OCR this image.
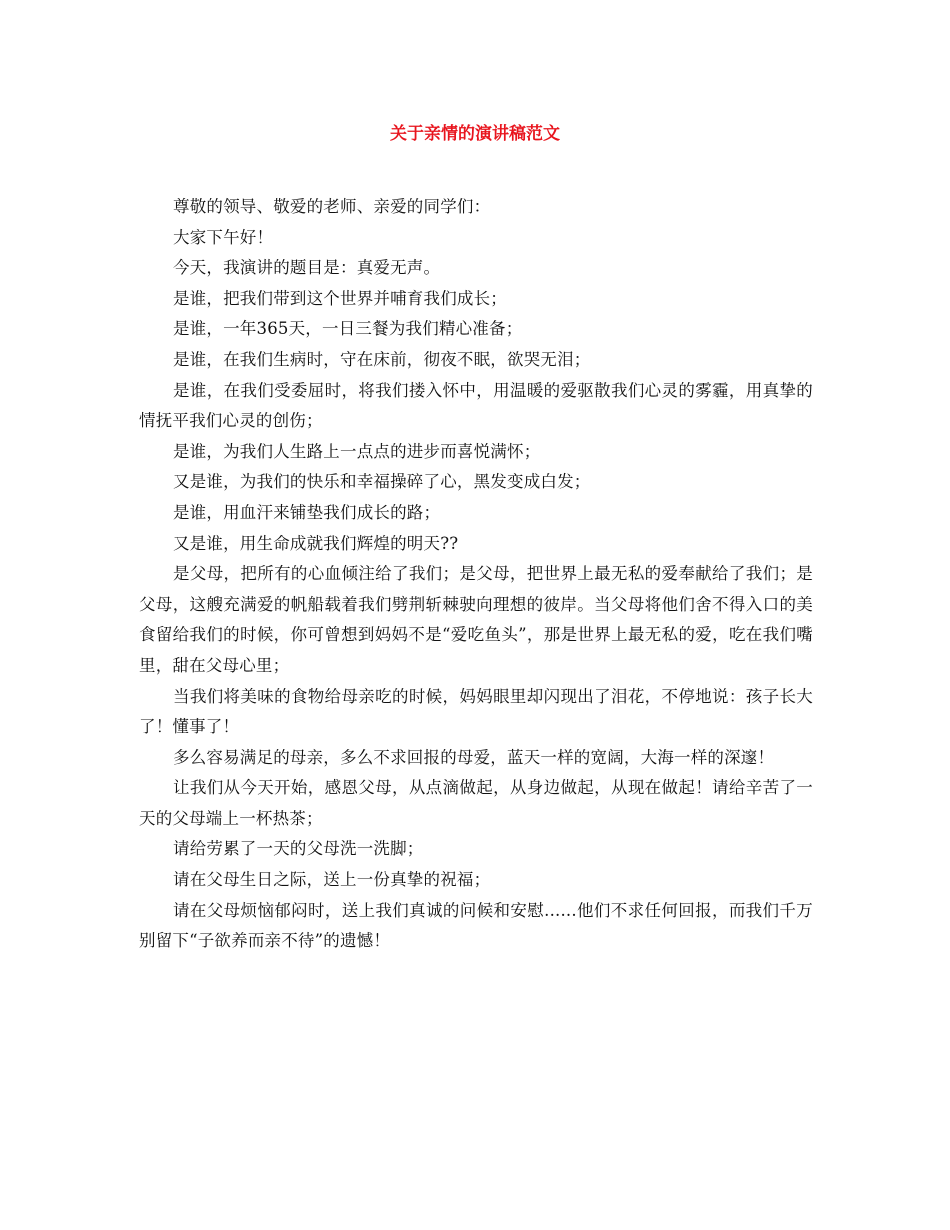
关于亲情的演讲稿范文

尊敬的领导、敬爱的老师、亲爱的同学们：

大家下午好！

今天，我演讲的题目是：真爱无声。

是谁，把我们带到这个世界并哺育我们成长；

是谁，一年365天，一日三餐为我们精心准备；

是谁，在我们生病时，守在床前，彻夜不眠，欲哭无泪；

是谁，在我们受委屈时，将我们搂入怀中，用温暖的爱驱散我们心灵的雾霾，用真挚的情抚平我们心灵的创伤；

是谁，为我们人生路上一点点的进步而喜悦满怀；

又是谁，为我们的快乐和幸福操碎了心，黑发变成白发；

是谁，用血汗来铺垫我们成长的路；

又是谁，用生命成就我们辉煌的明天??

是父母，把所有的心血倾注给了我们；是父母，把世界上最无私的爱奉献给了我们；是父母，这艘充满爱的帆船载着我们劈荆斩棘驶向理想的彼岸。当父母将他们舍不得入口的美食留给我们的时候，你可曾想到妈妈不是“爱吃鱼头”，那是世界上最无私的爱，吃在我们嘴里，甜在父母心里；

当我们将美味的食物给母亲吃的时候，妈妈眼里却闪现出了泪花，不停地说：孩子长大了！懂事了！

多么容易满足的母亲，多么不求回报的母爱，蓝天一样的宽阔，大海一样的深邃！

让我们从今天开始，感恩父母，从点滴做起，从身边做起，从现在做起！请给辛苦了一天的父母端上一杯热茶；

请给劳累了一天的父母洗一洗脚；

请在父母生日之际，送上一份真挚的祝福；

请在父母烦恼郁闷时，送上我们真诚的问候和安慰......他们不求任何回报，而我们千万别留下“子欲养而亲不待”的遗憾！
